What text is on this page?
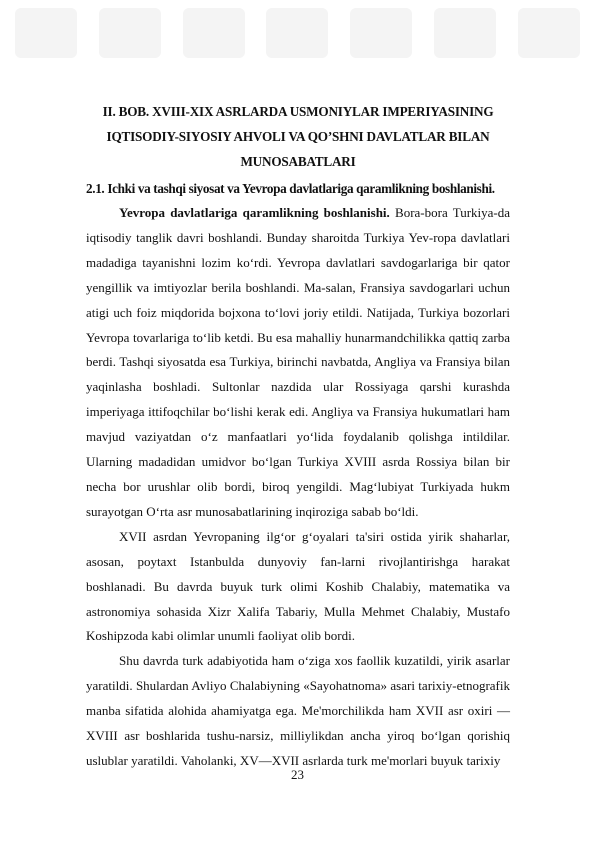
II. BOB. XVIII-XIX ASRLARDA USMONIYLAR IMPERIYASINING
IQTISODIY-SIYOSIY AHVOLI VA QO’SHNI DAVLATLAR BILAN
MUNOSABATLARI
2.1. Ichki va tashqi siyosat va Yevropa davlatlariga qaramlikning boshlanishi.

Yevropa davlatlariga qaramlikning boshlanishi. Bora-bora Turkiya-da iqtisodiy tanglik davri boshlandi. Bunday sharoitda Turkiya Yev-ropa davlatlari madadiga tayanishni lozim ko‘rdi. Yevropa davlatlari savdogarlariga bir qator yengillik va imtiyozlar berila boshlandi. Ma-salan, Fransiya savdogarlari uchun atigi uch foiz miqdorida bojxona to‘lovi joriy etildi. Natijada, Turkiya bozorlari Yevropa tovarlariga to‘lib ketdi. Bu esa mahalliy hunarmandchilikka qattiq zarba berdi. Tashqi siyosatda esa Turkiya, birinchi navbatda, Angliya va Fransiya bilan yaqinlasha boshladi. Sultonlar nazdida ular Rossiyaga qarshi kurashda imperiyaga ittifoqchilar bo‘lishi kerak edi. Angliya va Fransiya hukumatlari ham mavjud vaziyatdan o‘z manfaatlari yo‘lida foydalanib qolishga intildilar. Ularning madadidan umidvor bo‘lgan Turkiya XVIII asrda Rossiya bilan bir necha bor urushlar olib bordi, biroq yengildi. Mag‘lubiyat Turkiyada hukm surayotgan O‘rta asr munosabatlarining inqiroziga sabab bo‘ldi.

XVII asrdan Yevropaning ilg‘or g‘oyalari ta'siri ostida yirik shaharlar, asosan, poytaxt Istanbulda dunyoviy fan-larni rivojlantirishga harakat boshlanadi. Bu davrda buyuk turk olimi Koshib Chalabiy, matematika va astronomiya sohasida Xizr Xalifa Tabariy, Mulla Mehmet Chalabiy, Mustafo Koshipzoda kabi olimlar unumli faoliyat olib bordi.

Shu davrda turk adabiyotida ham o‘ziga xos faollik kuzatildi, yirik asarlar yaratildi. Shulardan Avliyo Chalabiyning «Sayohatnoma» asari tarixiy-etnografik manba sifatida alohida ahamiyatga ega. Me'morchilikda ham XVII asr oxiri — XVIII asr boshlarida tushu-narsiz, milliylikdan ancha yiroq bo‘lgan qorishiq uslublar yaratildi. Vaholanki, XV—XVII asrlarda turk me'morlari buyuk tarixiy

23
